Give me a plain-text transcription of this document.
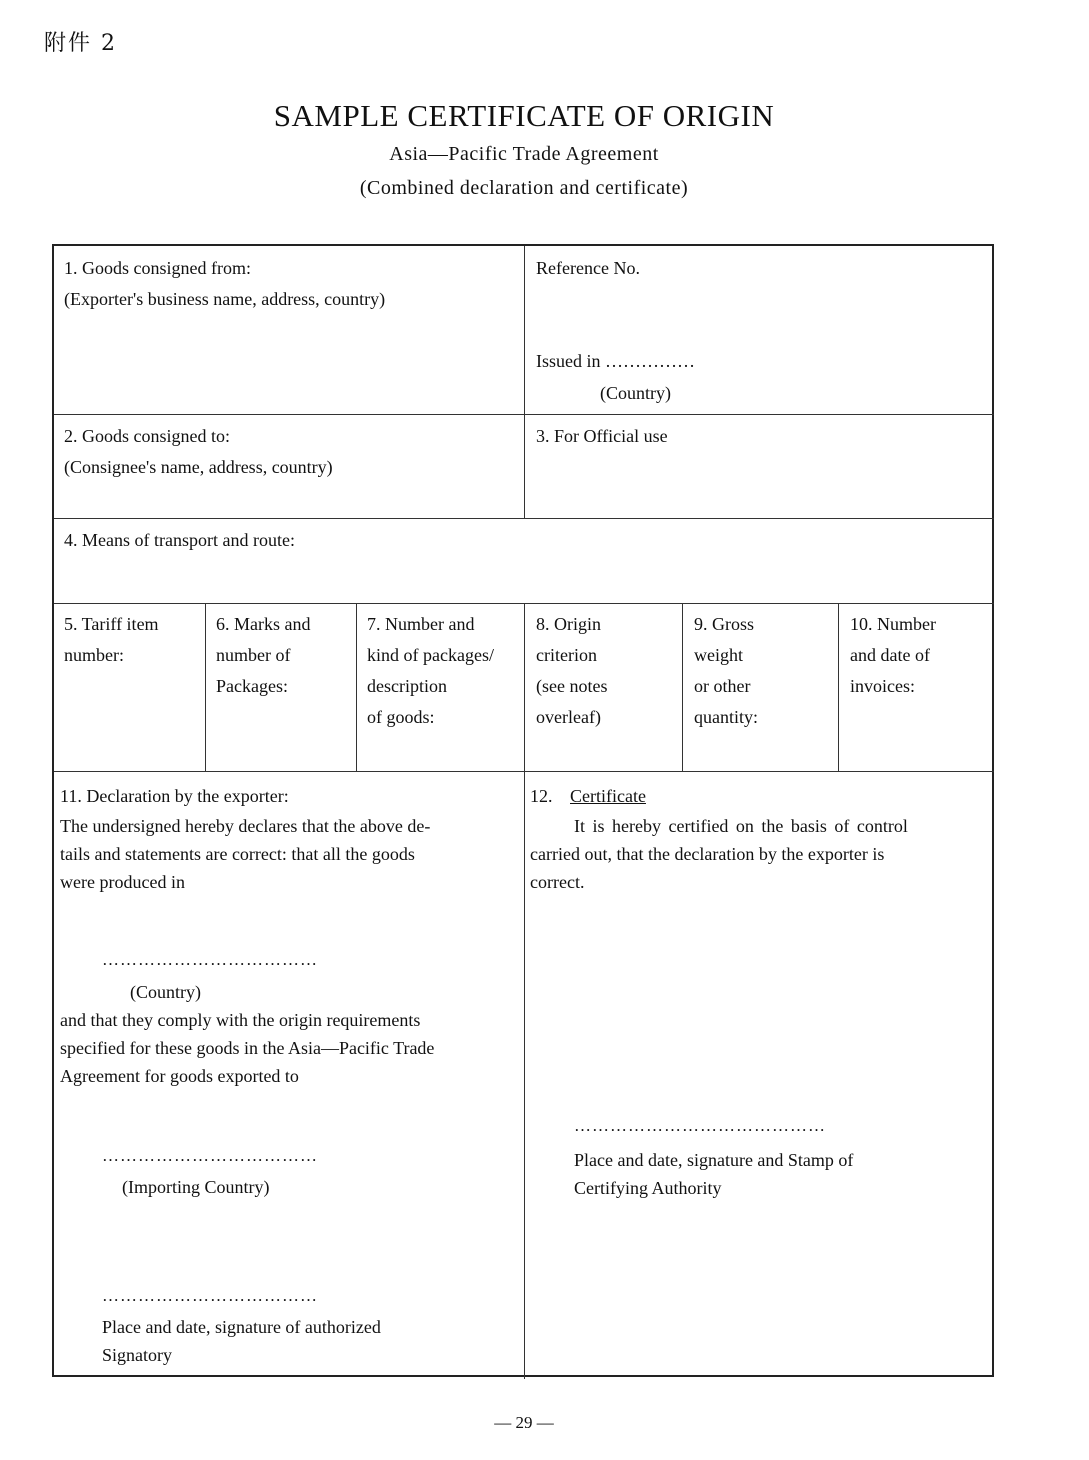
附件 2
SAMPLE CERTIFICATE OF ORIGIN
Asia—Pacific Trade Agreement
(Combined declaration and certificate)
1. Goods consigned from:
(Exporter's business name, address, country)
Reference No.
Issued in ……………
(Country)
2. Goods consigned to:
(Consignee's name, address, country)
3. For Official use
4. Means of transport and route:
5. Tariff item
number:
6. Marks and
number of
Packages:
7. Number and
kind of packages/
description
of goods:
8. Origin
criterion
(see notes
overleaf)
9. Gross
weight
or other
quantity:
10. Number
and date of
invoices:
11. Declaration by the exporter:
The undersigned hereby declares that the above de-
tails and statements are correct: that all the goods
were produced in
………………………………
(Country)
and that they comply with the origin requirements
specified for these goods in the Asia—Pacific Trade
Agreement for goods exported to
………………………………
(Importing Country)
………………………………
Place and date, signature of authorized
Signatory
12. Certificate
It is hereby certified on the basis of control
carried out, that the declaration by the exporter is
correct.
……………………………………
Place and date, signature and Stamp of
Certifying Authority
— 29 —
